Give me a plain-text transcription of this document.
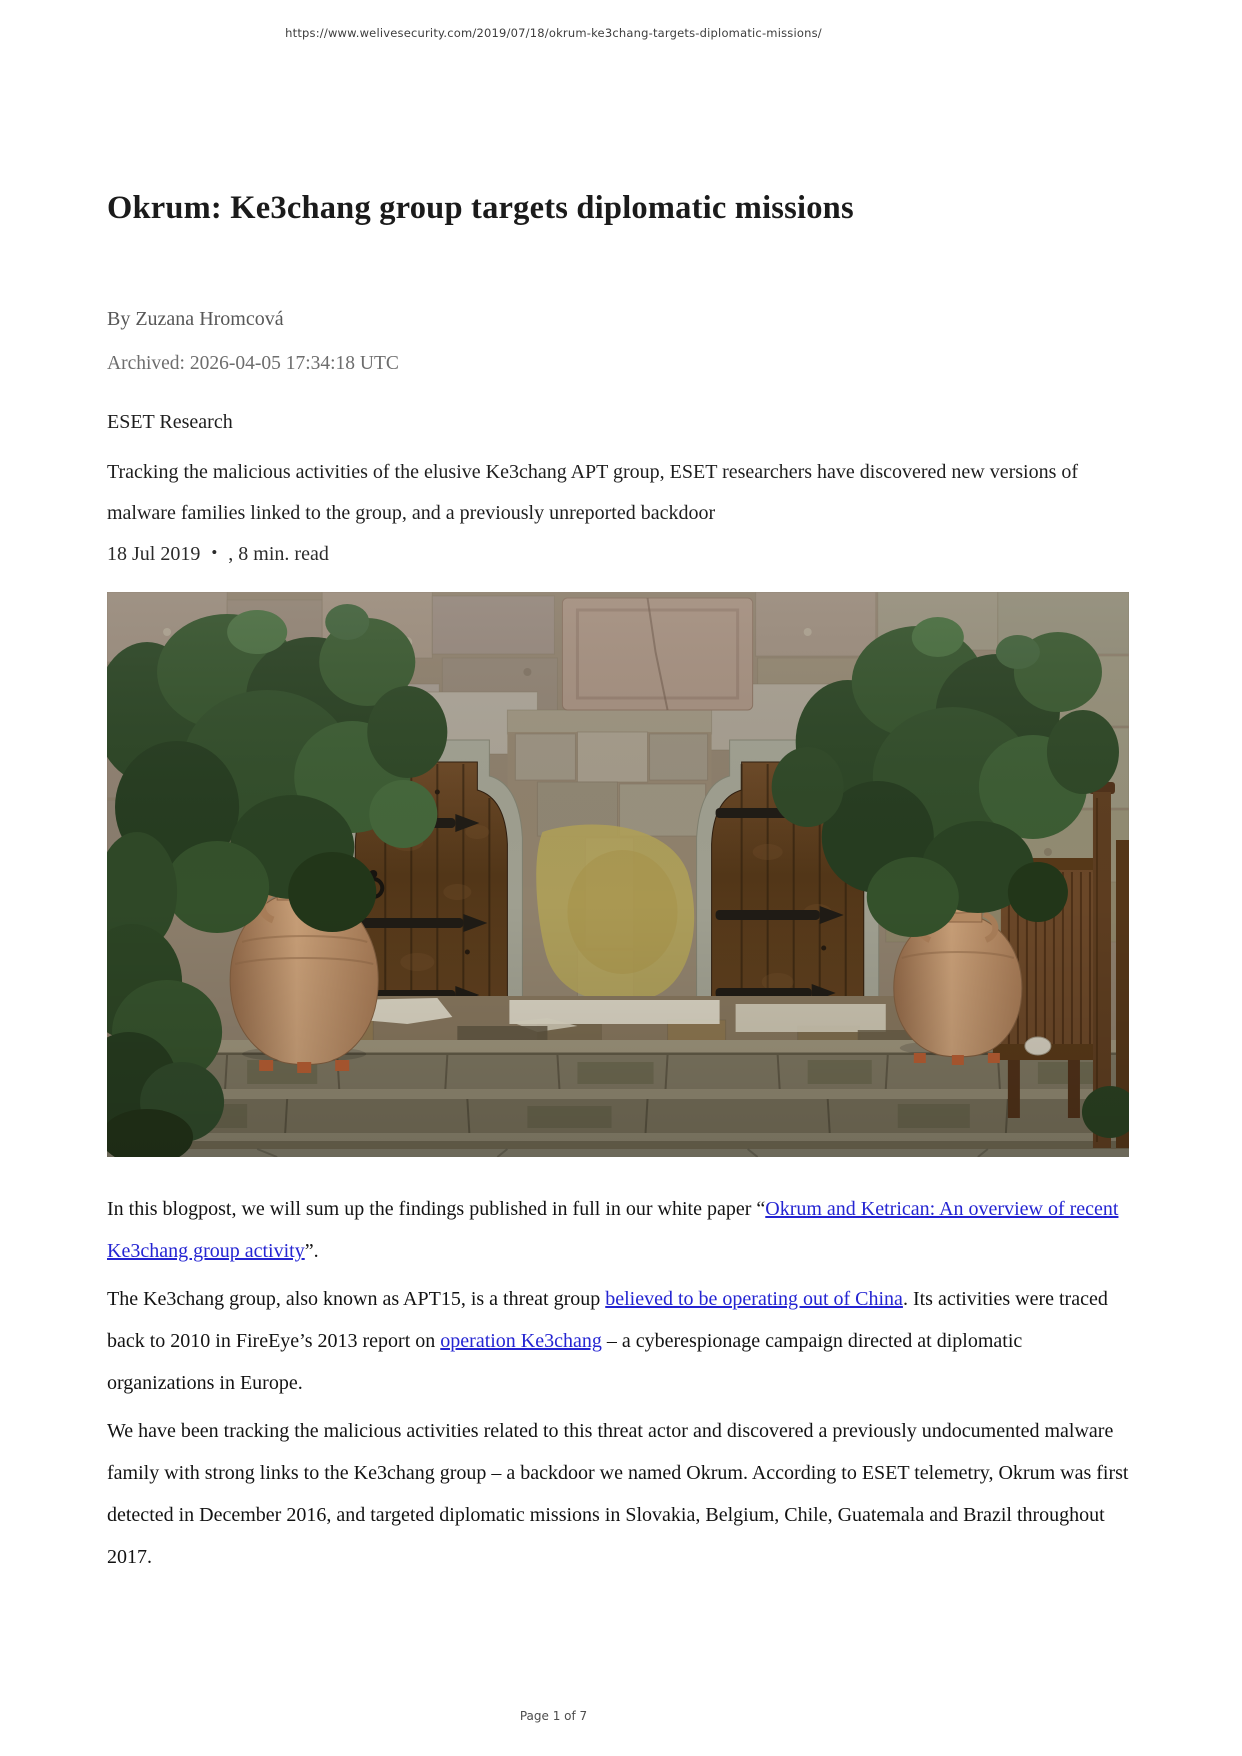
https://www.welivesecurity.com/2019/07/18/okrum-ke3chang-targets-diplomatic-missions/
Okrum: Ke3chang group targets diplomatic missions

By Zuzana Hromcová

Archived: 2026-04-05 17:34:18 UTC

ESET Research

Tracking the malicious activities of the elusive Ke3chang APT group, ESET researchers have discovered new versions of malware families linked to the group, and a previously unreported backdoor

18 Jul 2019 • , 8 min. read

In this blogpost, we will sum up the findings published in full in our white paper “Okrum and Ketrican: An overview of recent Ke3chang group activity”.

The Ke3chang group, also known as APT15, is a threat group believed to be operating out of China. Its activities were traced back to 2010 in FireEye’s 2013 report on operation Ke3chang – a cyberespionage campaign directed at diplomatic organizations in Europe.

We have been tracking the malicious activities related to this threat actor and discovered a previously undocumented malware family with strong links to the Ke3chang group – a backdoor we named Okrum. According to ESET telemetry, Okrum was first detected in December 2016, and targeted diplomatic missions in Slovakia, Belgium, Chile, Guatemala and Brazil throughout 2017.

Page 1 of 7
